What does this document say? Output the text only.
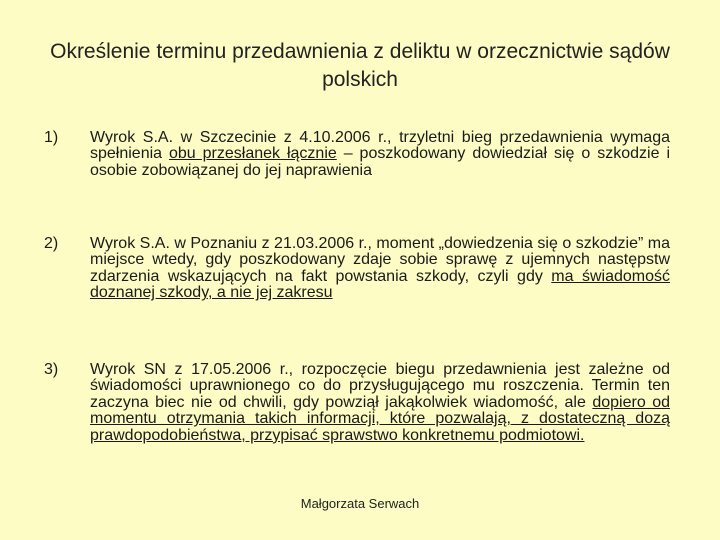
Określenie terminu przedawnienia z deliktu w orzecznictwie sądów polskich
1) Wyrok S.A. w Szczecinie z 4.10.2006 r., trzyletni bieg przedawnienia wymaga spełnienia obu przesłanek łącznie – poszkodowany dowiedział się o szkodzie i osobie zobowiązanej do jej naprawienia
2) Wyrok S.A. w Poznaniu z 21.03.2006 r., moment „dowiedzenia się o szkodzie” ma miejsce wtedy, gdy poszkodowany zdaje sobie sprawę z ujemnych następstw zdarzenia wskazujących na fakt powstania szkody, czyli gdy ma świadomość doznanej szkody, a nie jej zakresu
3) Wyrok SN z 17.05.2006 r., rozpoczęcie biegu przedawnienia jest zależne od świadomości uprawnionego co do przysługującego mu roszczenia. Termin ten zaczyna biec nie od chwili, gdy powziął jakąkolwiek wiadomość, ale dopiero od momentu otrzymania takich informacji, które pozwalają, z dostateczną dozą prawdopodobieństwa, przypisać sprawstwo konkretnemu podmiotowi.
Małgorzata Serwach
